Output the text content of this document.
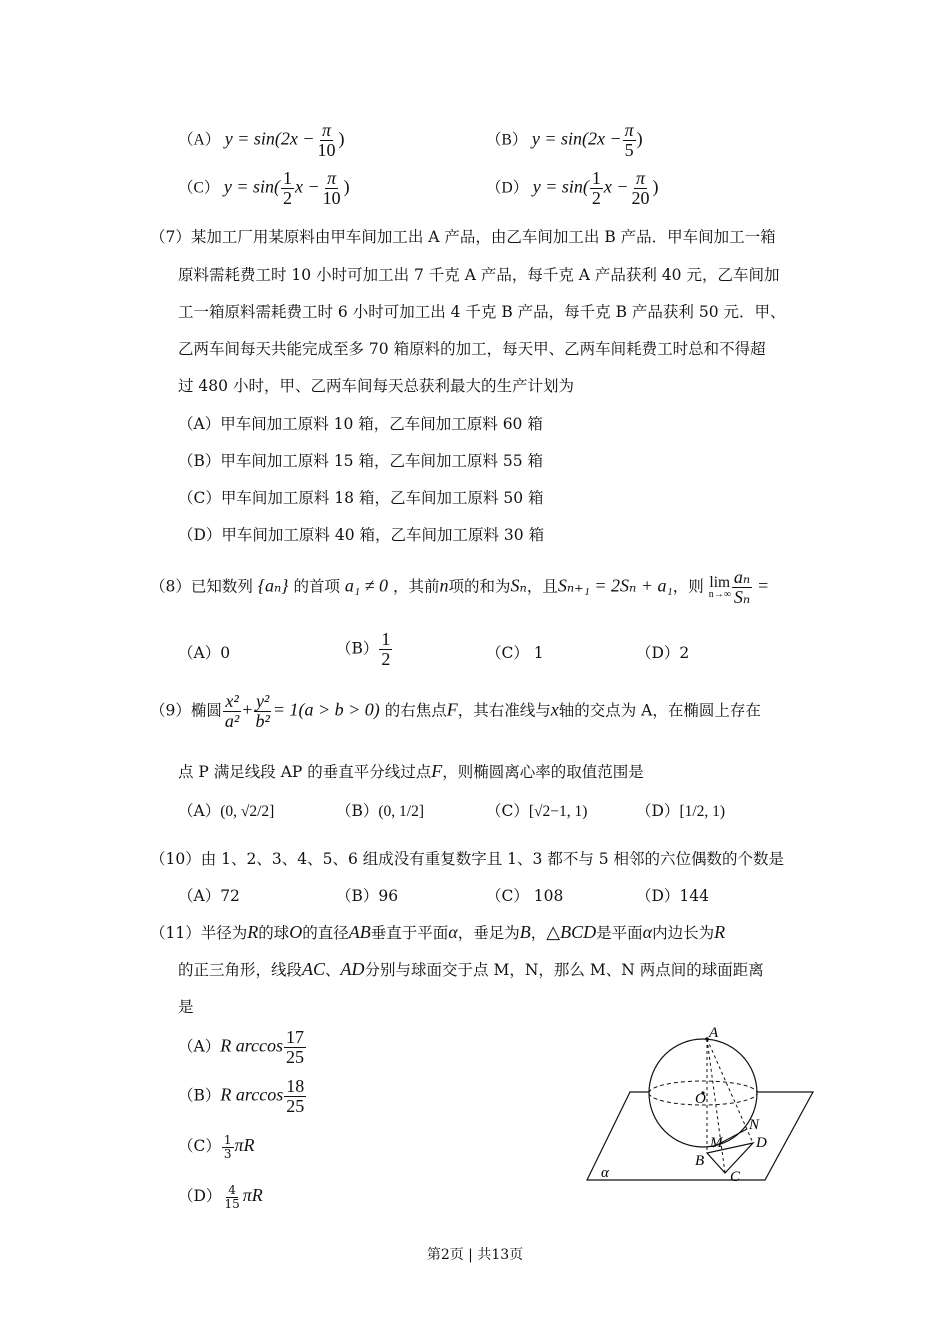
（A） $y = \sin(2x - \frac{\pi}{10}$ )	（B） $y = \sin(2x - \frac{\pi}{5}$ )
（C） $y = \sin( \frac{1}{2}$ $x - \frac{\pi}{10}$ )	（D） $y = \sin( \frac{1}{2}$ $x - \frac{\pi}{20}$ )
（7）某加工厂用某原料由甲车间加工出 A 产品，由乙车间加工出 B 产品．甲车间加工一箱
原料需耗费工时 10 小时可加工出 7 千克 A 产品，每千克 A 产品获利 40 元，乙车间加
工一箱原料需耗费工时 6 小时可加工出 4 千克 B 产品，每千克 B 产品获利 50 元．甲、
乙两车间每天共能完成至多 70 箱原料的加工，每天甲、乙两车间耗费工时总和不得超
过 480 小时，甲、乙两车间每天总获利最大的生产计划为
（A）甲车间加工原料 10 箱，乙车间加工原料 60 箱
（B）甲车间加工原料 15 箱，乙车间加工原料 55 箱
（C）甲车间加工原料 18 箱，乙车间加工原料 50 箱
（D）甲车间加工原料 40 箱，乙车间加工原料 30 箱
（8）已知数列 {aₙ} 的首项 a₁ ≠ 0 ，其前n项的和为Sₙ，且Sₙ₊₁ = 2Sₙ + a₁，则 lim
$n\to\infty \frac{\text{aₙ}}{\text{Sₙ}}$ =
（A）0	$(B) \frac{1}{2}$	（C） 1	（D）2
（9）椭圆 $\frac{\text{x²}}{\text{a²}} + \frac{\text{y²}}{\text{b²}} = 1(a > b > 0)$ 的右焦点F，其右准线与x轴的交点为 A，在椭圆上存在
点 P 满足线段 AP 的垂直平分线过点F，则椭圆离心率的取值范围是
（A）(0, √2/2]	（B）(0, 1/2]	（C）[√2−1, 1)	（D）[1/2, 1)
（10）由 1、2、3、4、5、6 组成没有重复数字且 1、3 都不与 5 相邻的六位偶数的个数是
（A）72	（B）96	（C） 108	（D）144
（11）半径为R的球O的直径AB垂直于平面α，垂足为B，△BCD是平面α内边长为R
的正三角形，线段AC、AD分别与球面交于点 M，N，那么 M、N 两点间的球面距离
是
（A）R $\arccos \frac{17}{25}$
（B）R $\arccos \frac{18}{25}$
$(C) \frac{1}{3}$ πR
$(D) \frac{4}{15}$ πR
A
O
N
M D
B
C
α
第2页 | 共13页
